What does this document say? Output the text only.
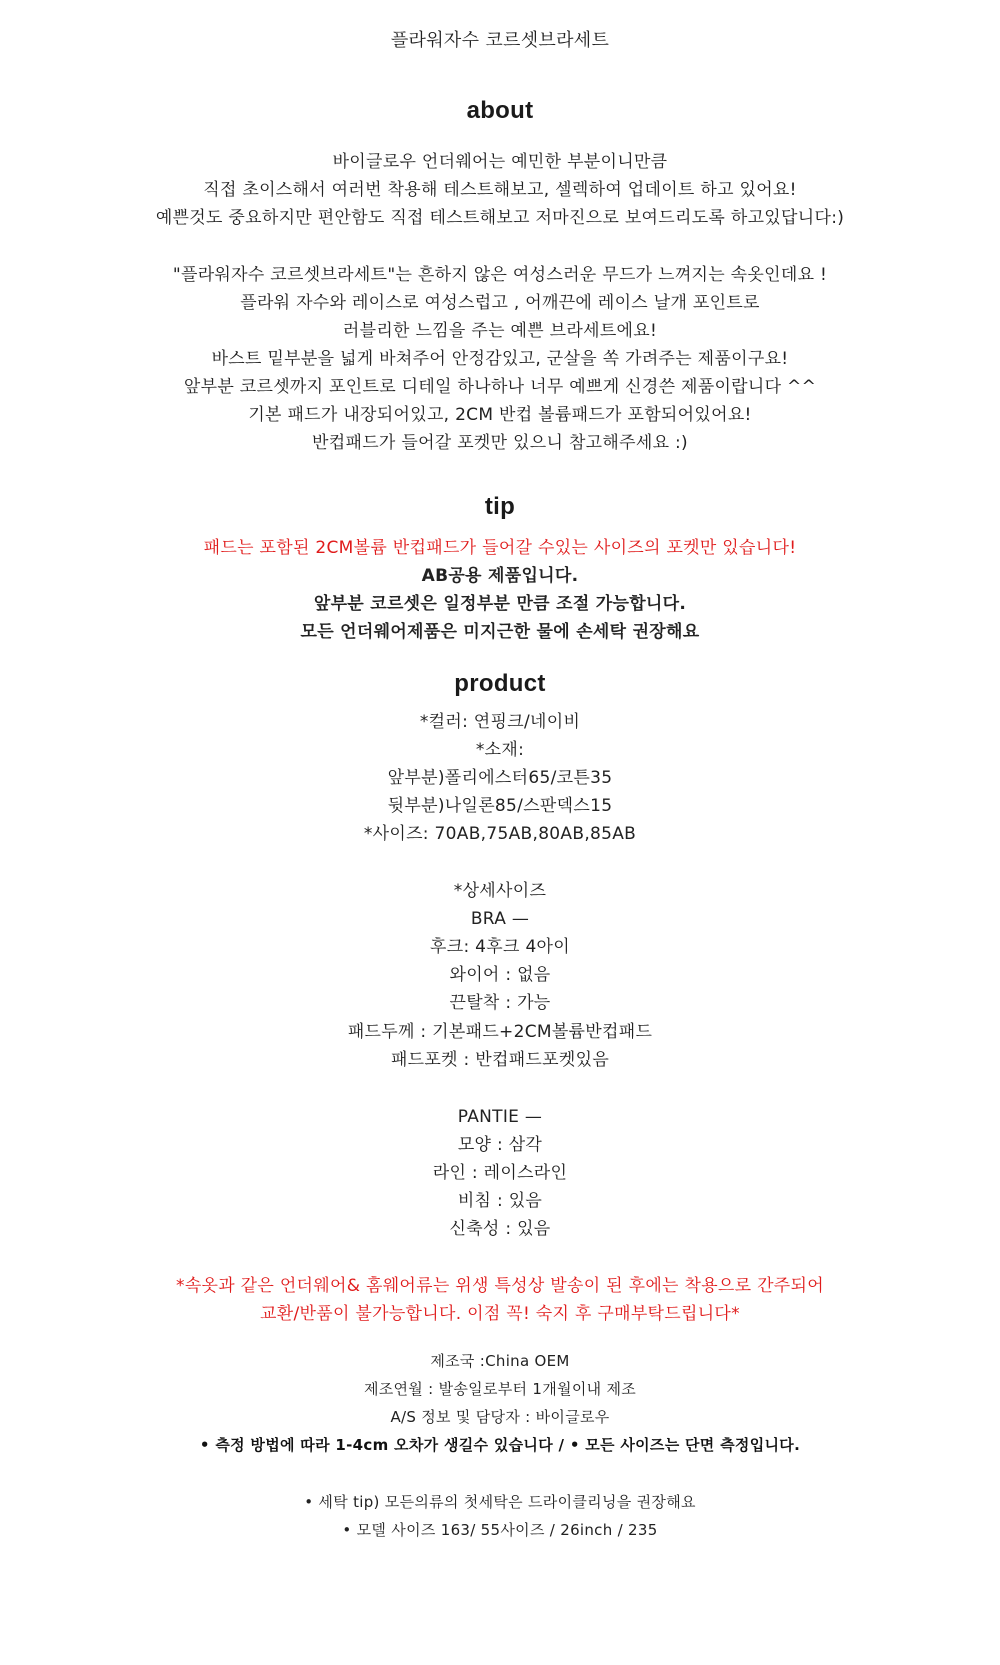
플라워자수 코르셋브라세트
about
바이글로우 언더웨어는 예민한 부분이니만큼
직접 초이스해서 여러번 착용해 테스트해보고, 셀렉하여 업데이트 하고 있어요!
예쁜것도 중요하지만 편안함도 직접 테스트해보고 저마진으로 보여드리도록 하고있답니다:)
"플라워자수 코르셋브라세트"는 흔하지 않은 여성스러운 무드가 느껴지는 속옷인데요 !
플라워 자수와 레이스로 여성스럽고 , 어깨끈에 레이스 날개 포인트로
러블리한 느낌을 주는 예쁜 브라세트에요!
바스트 밑부분을 넓게 바쳐주어 안정감있고, 군살을 쏙 가려주는 제품이구요!
앞부분 코르셋까지 포인트로 디테일 하나하나 너무 예쁘게 신경쓴 제품이랍니다 ^^
기본 패드가 내장되어있고, 2CM 반컵 볼륨패드가 포함되어있어요!
반컵패드가 들어갈 포켓만 있으니 참고해주세요 :)
tip
패드는 포함된 2CM볼륨 반컵패드가 들어갈 수있는 사이즈의 포켓만 있습니다!
AB공용 제품입니다.
앞부분 코르셋은 일정부분 만큼 조절 가능합니다.
모든 언더웨어제품은 미지근한 물에 손세탁 권장해요
product
*컬러: 연핑크/네이비
*소재:
앞부분)폴리에스터65/코튼35
뒷부분)나일론85/스판덱스15
*사이즈: 70AB,75AB,80AB,85AB
*상세사이즈
BRA —
후크: 4후크 4아이
와이어 : 없음
끈탈착 : 가능
패드두께 : 기본패드+2CM볼륨반컵패드
패드포켓 : 반컵패드포켓있음
PANTIE —
모양 : 삼각
라인 : 레이스라인
비침 : 있음
신축성 : 있음
*속옷과 같은 언더웨어& 홈웨어류는 위생 특성상 발송이 된 후에는 착용으로 간주되어
교환/반품이 불가능합니다. 이점 꼭! 숙지 후 구매부탁드립니다*
제조국 :China OEM
제조연월 : 발송일로부터 1개월이내 제조
A/S 정보 및 담당자 : 바이글로우
• 측정 방법에 따라 1-4cm 오차가 생길수 있습니다 / • 모든 사이즈는 단면 측정입니다.
• 세탁 tip) 모든의류의 첫세탁은 드라이클리닝을 권장해요
• 모델 사이즈 163/ 55사이즈 / 26inch / 235
